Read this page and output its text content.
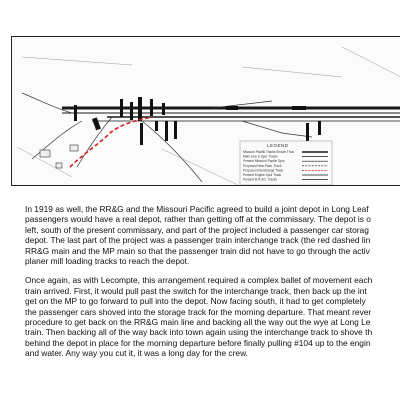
LEGEND
Missouri Pacific Tracks Shown Thus
Main Line & Spur Tracks
Present Missouri Pacific Spur
Proposed New Pass. Track
Proposed Interchange Track
Present Engine Spur Track
Present R.R.&G. Tracks
In 1919 as well, the RR&G and the Missouri Pacific agreed to build a joint depot in Long Leaf
passengers would have a real depot, rather than getting off at the commissary. The depot is o
left, south of the present commissary, and part of the project included a passenger car storag
depot. The last part of the project was a passenger train interchange track (the red dashed lin
RR&G main and the MP main so that the passenger train did not have to go through the activ
planer mill loading tracks to reach the depot.
Once again, as with Lecompte, this arrangement required a complex ballet of movement each
train arrived. First, it would pull past the switch for the interchange track, then back up the int
get on the MP to go forward to pull into the depot. Now facing south, it had to get completely
the passenger cars shoved into the storage track for the morning departure. That meant rever
procedure to get back on the RR&G main line and backing all the way out the wye at Long Le
train. Then backing all of the way back into town again using the interchange track to shove th
behind the depot in place for the morning departure before finally pulling #104 up to the engin
and water. Any way you cut it, it was a long day for the crew.
